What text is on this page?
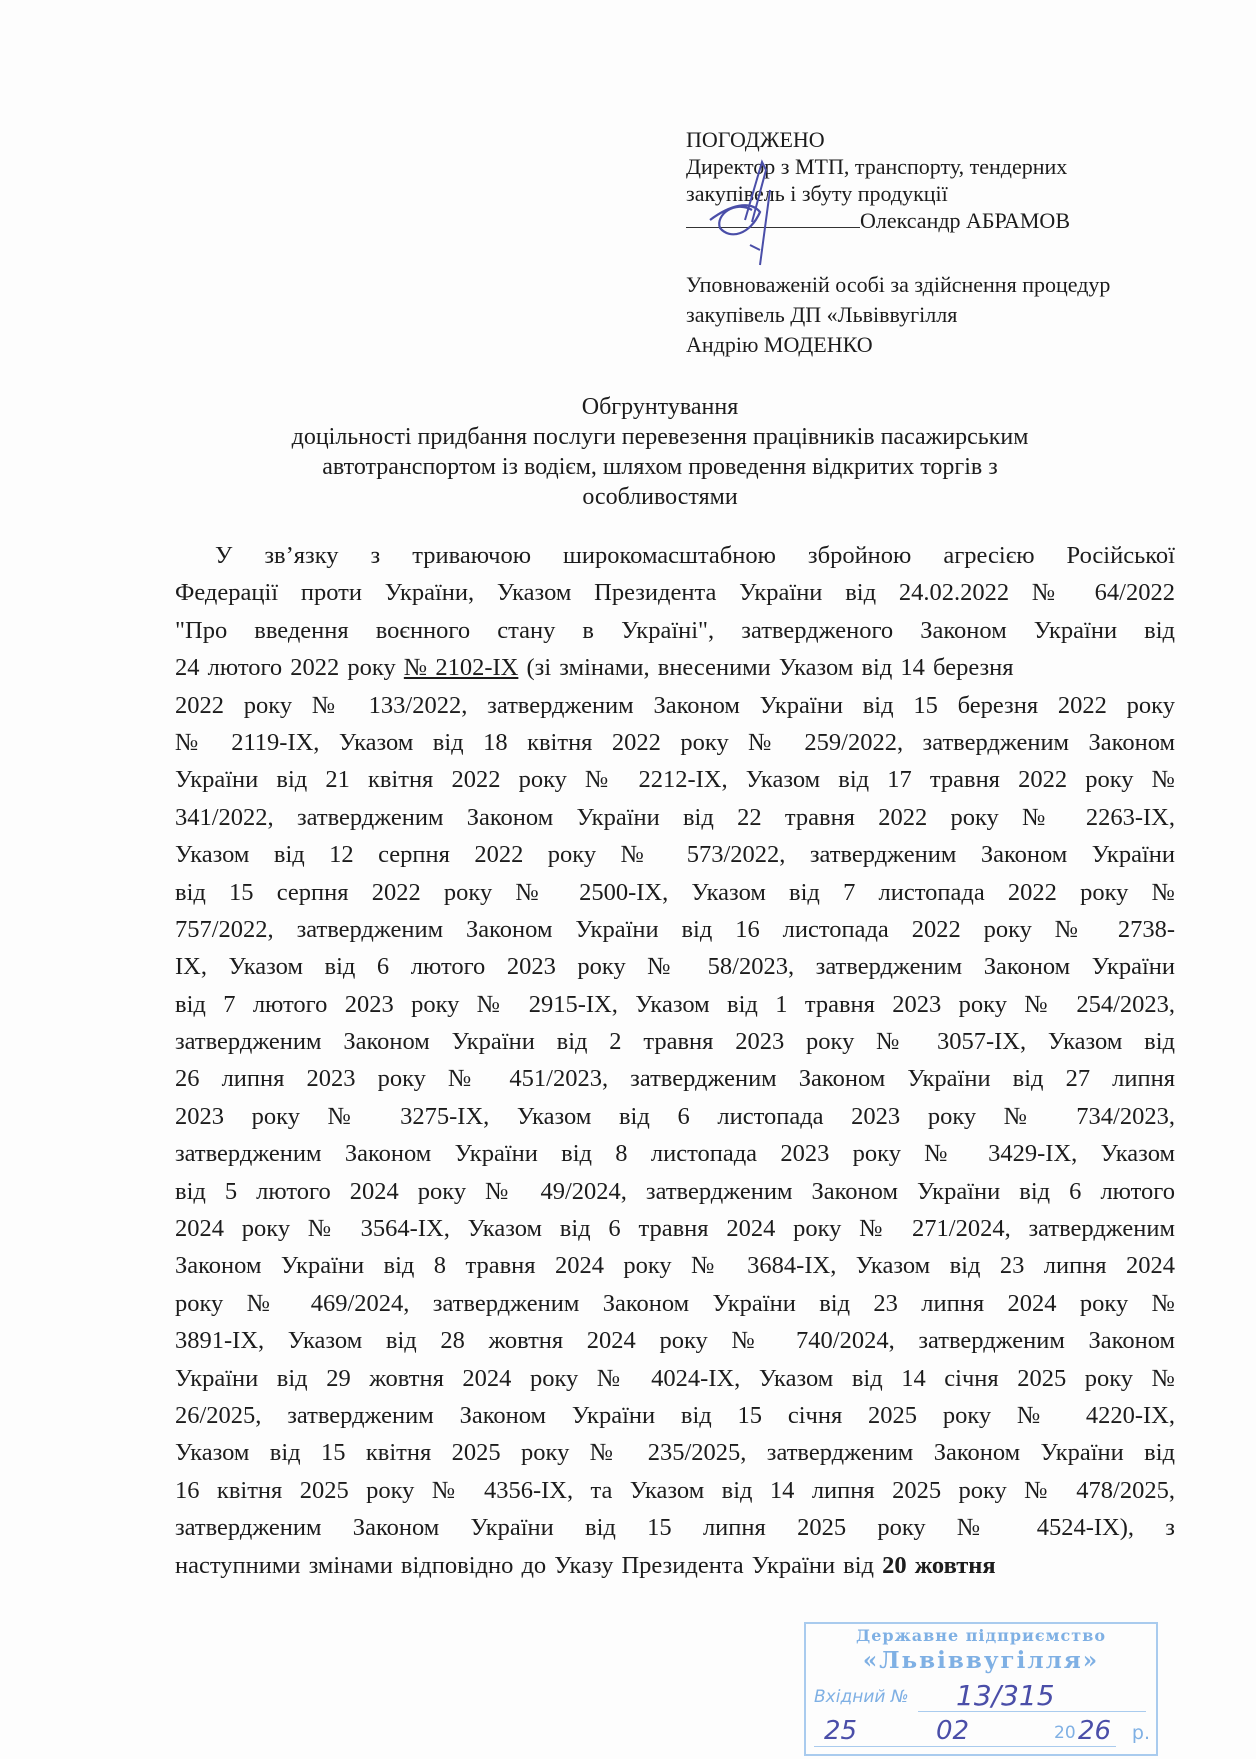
ПОГОДЖЕНО
Директор з МТП, транспорту, тендерних
закупівель і збуту продукції
Олександр АБРАМОВ
Уповноваженій особі за здійснення процедур
закупівель ДП «Львіввугілля
Андрію МОДЕНКО
Обгрунтування
доцільності придбання послуги перевезення працівників пасажирським
автотранспортом із водієм, шляхом проведення відкритих торгів з
особливостями
У зв’язку з триваючою широкомасштабною збройною агресією Російської
Федерації проти України, Указом Президента України від 24.02.2022 № 64/2022
"Про введення воєнного стану в Україні", затвердженого Законом України від
24 лютого 2022 року № 2102-IX (зі змінами, внесеними Указом від 14 березня
2022 року № 133/2022, затвердженим Законом України від 15 березня 2022 року
№ 2119-IX, Указом від 18 квітня 2022 року № 259/2022, затвердженим Законом
України від 21 квітня 2022 року № 2212-IX, Указом від 17 травня 2022 року №
341/2022, затвердженим Законом України від 22 травня 2022 року № 2263-IX,
Указом від 12 серпня 2022 року № 573/2022, затвердженим Законом України
від 15 серпня 2022 року № 2500-IX, Указом від 7 листопада 2022 року №
757/2022, затвердженим Законом України від 16 листопада 2022 року № 2738-
IX, Указом від 6 лютого 2023 року № 58/2023, затвердженим Законом України
від 7 лютого 2023 року № 2915-IX, Указом від 1 травня 2023 року № 254/2023,
затвердженим Законом України від 2 травня 2023 року № 3057-IX, Указом від
26 липня 2023 року № 451/2023, затвердженим Законом України від 27 липня
2023 року № 3275-IX, Указом від 6 листопада 2023 року № 734/2023,
затвердженим Законом України від 8 листопада 2023 року № 3429-IX, Указом
від 5 лютого 2024 року № 49/2024, затвердженим Законом України від 6 лютого
2024 року № 3564-IX, Указом від 6 травня 2024 року № 271/2024, затвердженим
Законом України від 8 травня 2024 року № 3684-IX, Указом від 23 липня 2024
року № 469/2024, затвердженим Законом України від 23 липня 2024 року №
3891-IX, Указом від 28 жовтня 2024 року № 740/2024, затвердженим Законом
України від 29 жовтня 2024 року № 4024-IX, Указом від 14 січня 2025 року №
26/2025, затвердженим Законом України від 15 січня 2025 року № 4220-IX,
Указом від 15 квітня 2025 року № 235/2025, затвердженим Законом України від
16 квітня 2025 року № 4356-IX, та Указом від 14 липня 2025 року № 478/2025,
затвердженим Законом України від 15 липня 2025 року № 4524-IX), з
наступними змінами відповідно до Указу Президента України від 20 жовтня
Державне підприємство
«Львіввугілля»
Вхідний № 13/315
25	02	20 26 р.
